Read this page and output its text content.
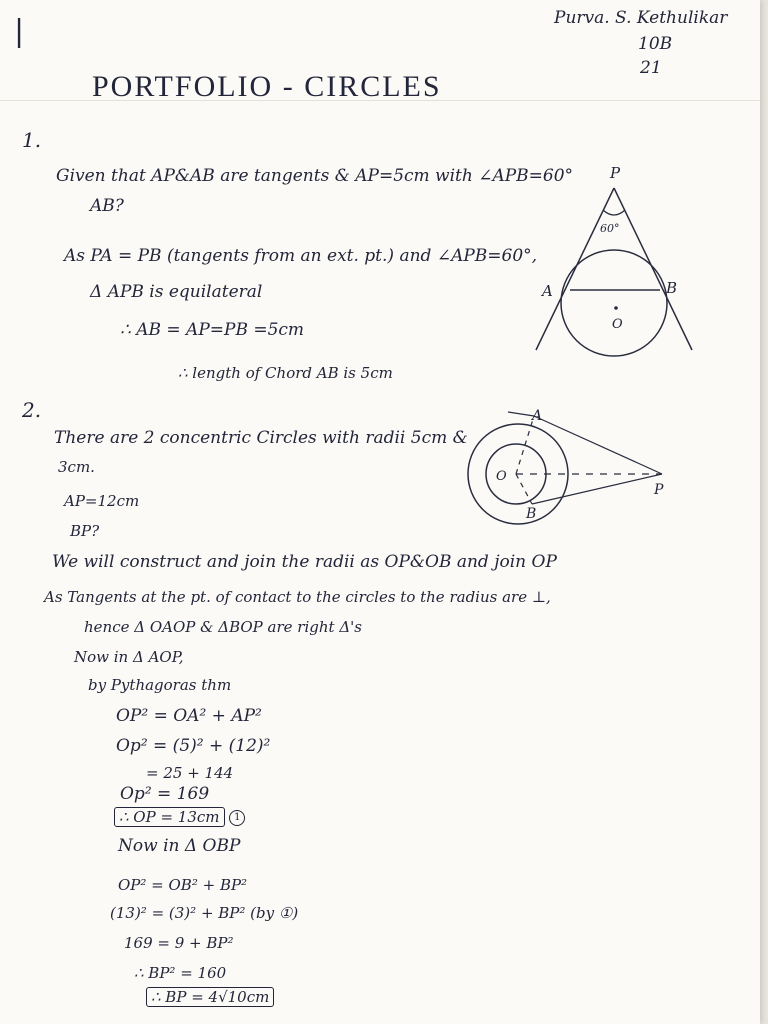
|	Purva. S. Kethulikar
10B
21
PORTFOLIO - CIRCLES
1.
Given that AP&AB are tangents & AP=5cm with ∠APB=60°
AB?
As PA = PB (tangents from an ext. pt.) and ∠APB=60°,
Δ APB is equilateral
∴ AB = AP=PB =5cm
∴ length of Chord AB is 5cm
P
60°
A	B
O
2.
There are 2 concentric Circles with radii 5cm &
3cm.
AP=12cm
BP?
We will construct and join the radii as OP&OB and join OP
As Tangents at the pt. of contact to the circles to the radius are ⊥,
hence Δ OAOP & ΔBOP are right Δ's
Now in Δ AOP,
by Pythagoras thm
OP² = OA² + AP²
Op² = (5)² + (12)²
= 25 + 144
Op² = 169
∴ OP = 13cm 1
Now in Δ OBP
OP² = OB² + BP²
(13)² = (3)² + BP² (by ①)
169 = 9 + BP²
∴ BP² = 160
∴ BP = 4√10cm
A
B
O
P
